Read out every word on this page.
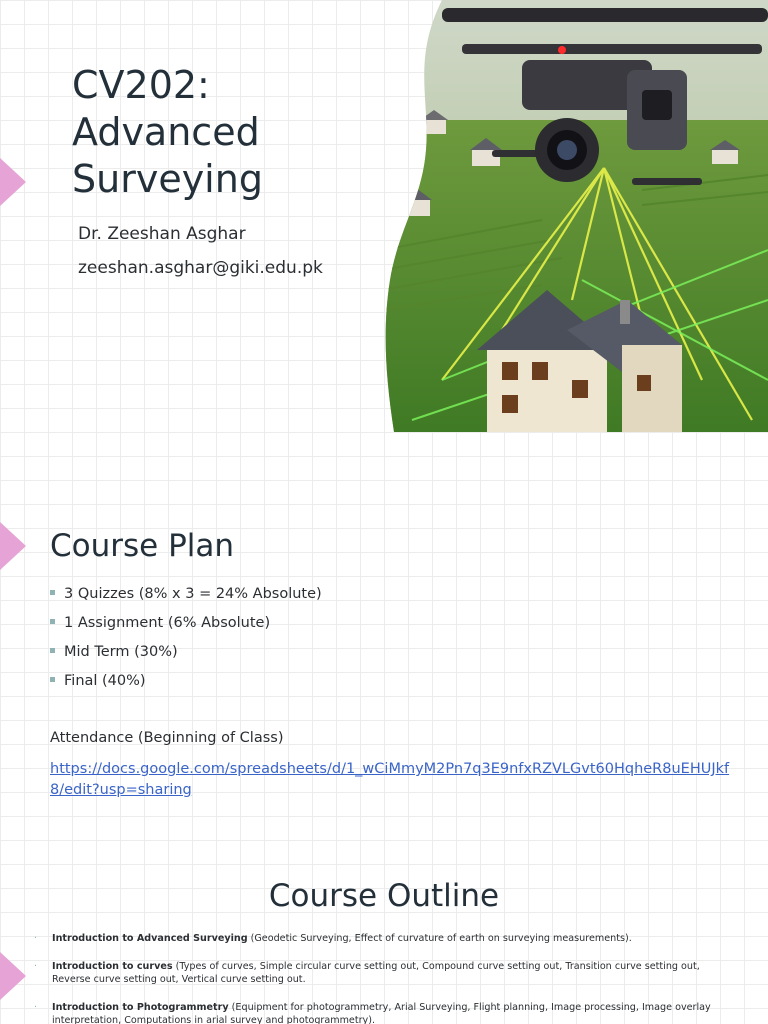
CV202:
Advanced
Surveying
Dr. Zeeshan Asghar
zeeshan.asghar@giki.edu.pk
Course Plan
3 Quizzes (8% x 3 = 24% Absolute)
1 Assignment (6% Absolute)
Mid Term (30%)
Final (40%)
Attendance (Beginning of Class)
https://docs.google.com/spreadsheets/d/1_wCiMmyM2Pn7q3E9nfxRZVLGvt60HqheR8uEHUJkf8/edit?usp=sharing
Course Outline
· Introduction to Advanced Surveying (Geodetic Surveying, Effect of curvature of earth on surveying measurements).
· Introduction to curves (Types of curves, Simple circular curve setting out, Compound curve setting out, Transition curve setting out, Reverse curve setting out, Vertical curve setting out.
· Introduction to Photogrammetry (Equipment for photogrammetry, Arial Surveying, Flight planning, Image processing, Image overlay interpretation, Computations in arial survey and photogrammetry).
